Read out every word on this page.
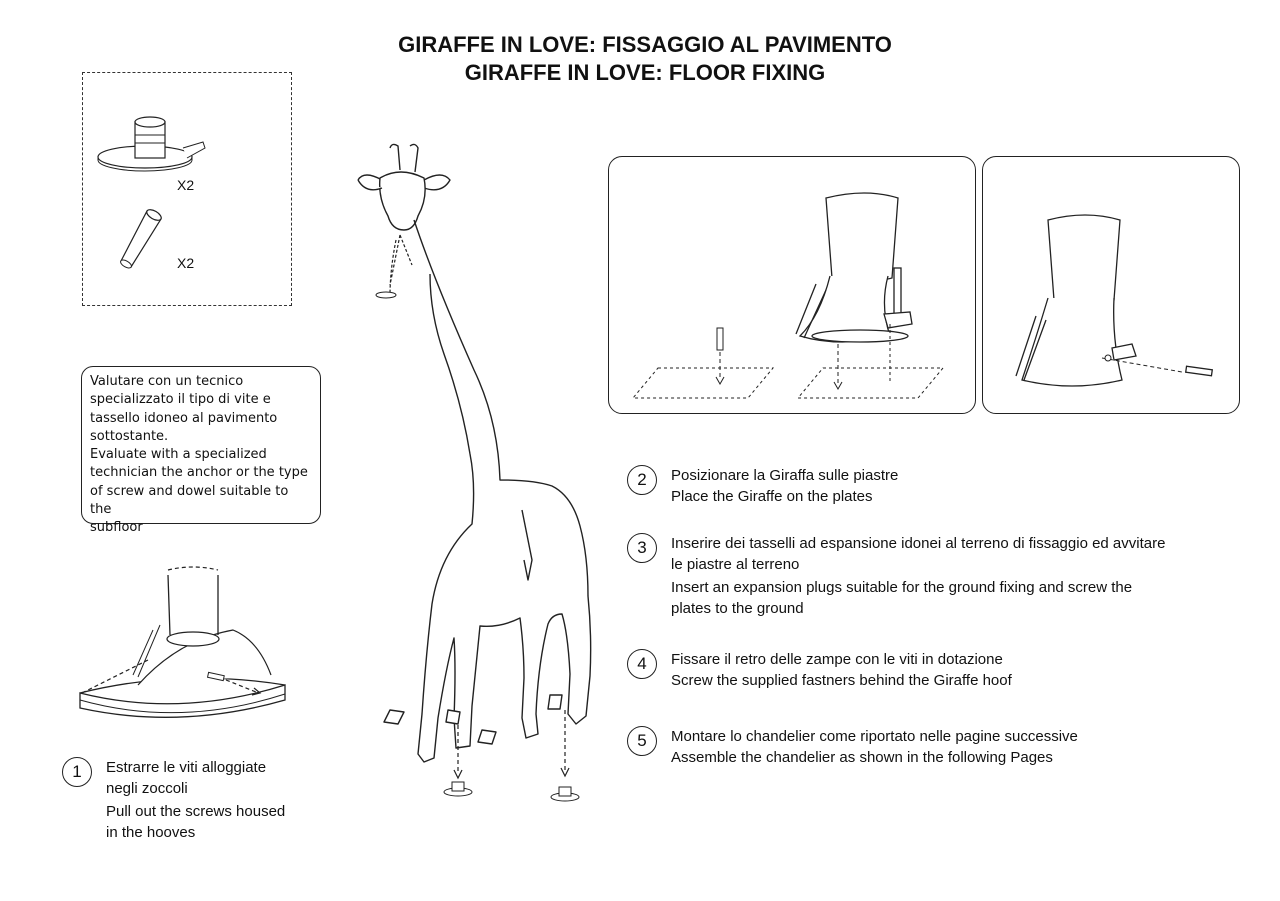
GIRAFFE IN LOVE: FISSAGGIO AL PAVIMENTO
GIRAFFE IN LOVE: FLOOR FIXING
X2
X2

Valutare con un tecnico

specializzato il tipo di vite e

tassello idoneo al pavimento

sottostante.

Evaluate with a specialized

technician the anchor or the type

of screw and dowel suitable to the

subfloor

1	Estrarre le viti alloggiate

negli zoccoli

Pull out the screws housed

in the hooves

2	Posizionare la Giraffa sulle piastre

Place the Giraffe on the plates

3	Inserire dei tasselli ad espansione idonei al terreno di fissaggio ed avvitare

le piastre al terreno

Insert an expansion plugs suitable for the ground fixing and screw the

plates to the ground

4	Fissare il retro delle zampe con le viti in dotazione

Screw the supplied fastners behind the Giraffe hoof

5	Montare lo chandelier come riportato nelle pagine successive

Assemble the chandelier as shown in the following Pages
